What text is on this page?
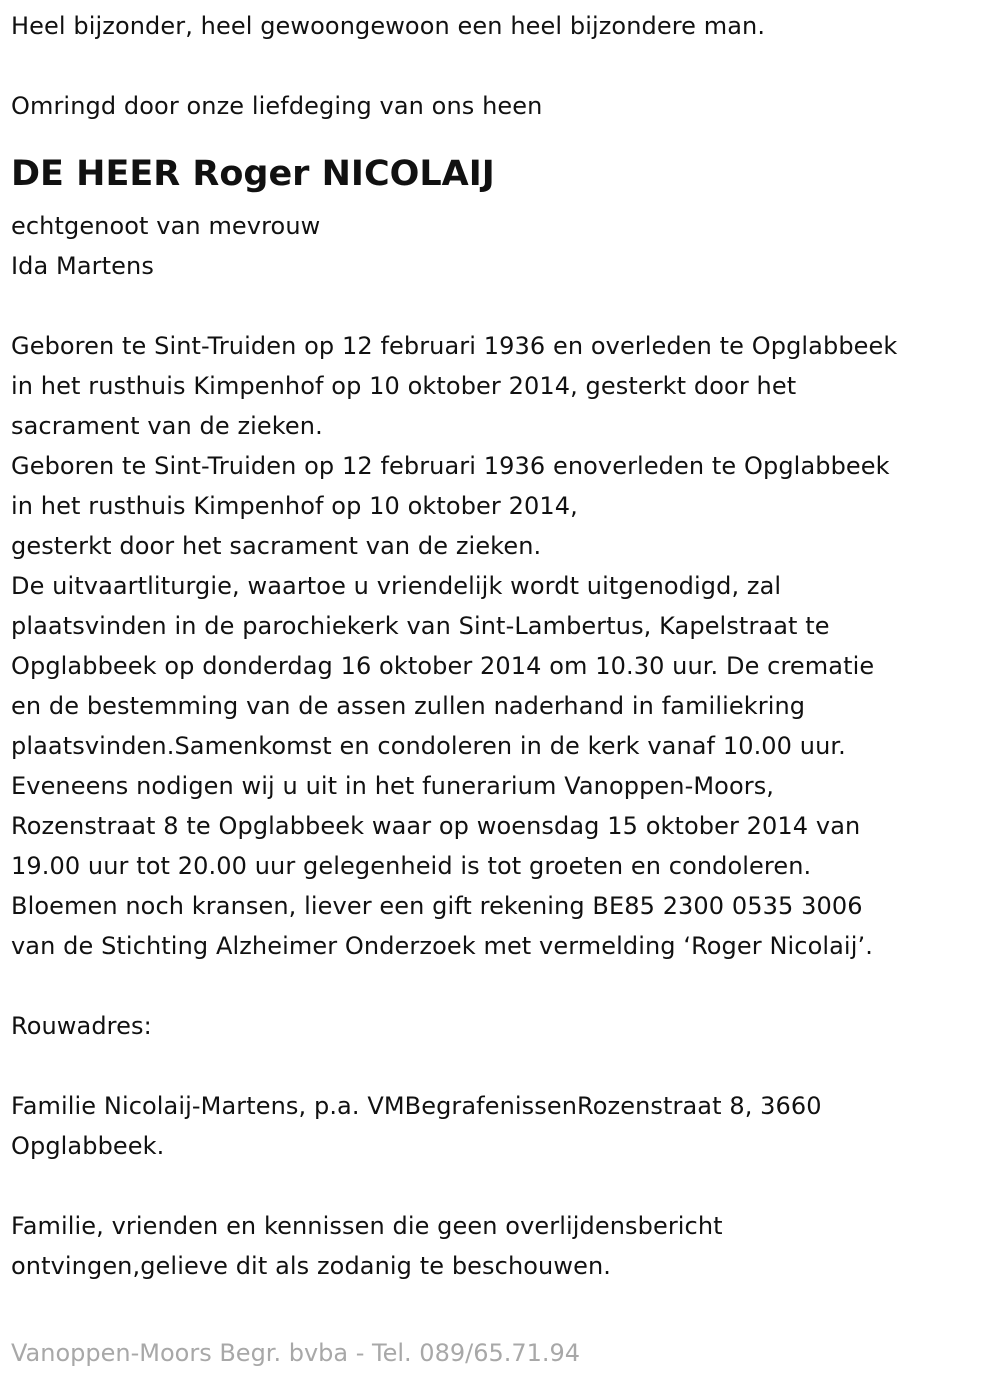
Heel bijzonder, heel gewoongewoon een heel bijzondere man.
Omringd door onze liefdeging van ons heen
DE HEER Roger NICOLAIJ
echtgenoot van mevrouw
Ida Martens
Geboren te Sint-Truiden op 12 februari 1936 en overleden te Opglabbeek
in het rusthuis Kimpenhof op 10 oktober 2014, gesterkt door het
sacrament van de zieken.
Geboren te Sint-Truiden op 12 februari 1936 enoverleden te Opglabbeek
in het rusthuis Kimpenhof op 10 oktober 2014,
gesterkt door het sacrament van de zieken.
De uitvaartliturgie, waartoe u vriendelijk wordt uitgenodigd, zal
plaatsvinden in de parochiekerk van Sint-Lambertus, Kapelstraat te
Opglabbeek op donderdag 16 oktober 2014 om 10.30 uur. De crematie
en de bestemming van de assen zullen naderhand in familiekring
plaatsvinden.Samenkomst en condoleren in de kerk vanaf 10.00 uur.
Eveneens nodigen wij u uit in het funerarium Vanoppen-Moors,
Rozenstraat 8 te Opglabbeek waar op woensdag 15 oktober 2014 van
19.00 uur tot 20.00 uur gelegenheid is tot groeten en condoleren.
Bloemen noch kransen, liever een gift rekening BE85 2300 0535 3006
van de Stichting Alzheimer Onderzoek met vermelding ‘Roger Nicolaij’.
Rouwadres:
Familie Nicolaij-Martens, p.a. VMBegrafenissenRozenstraat 8, 3660
Opglabbeek.
Familie, vrienden en kennissen die geen overlijdensbericht
ontvingen,gelieve dit als zodanig te beschouwen.
Vanoppen-Moors Begr. bvba - Tel. 089/65.71.94
